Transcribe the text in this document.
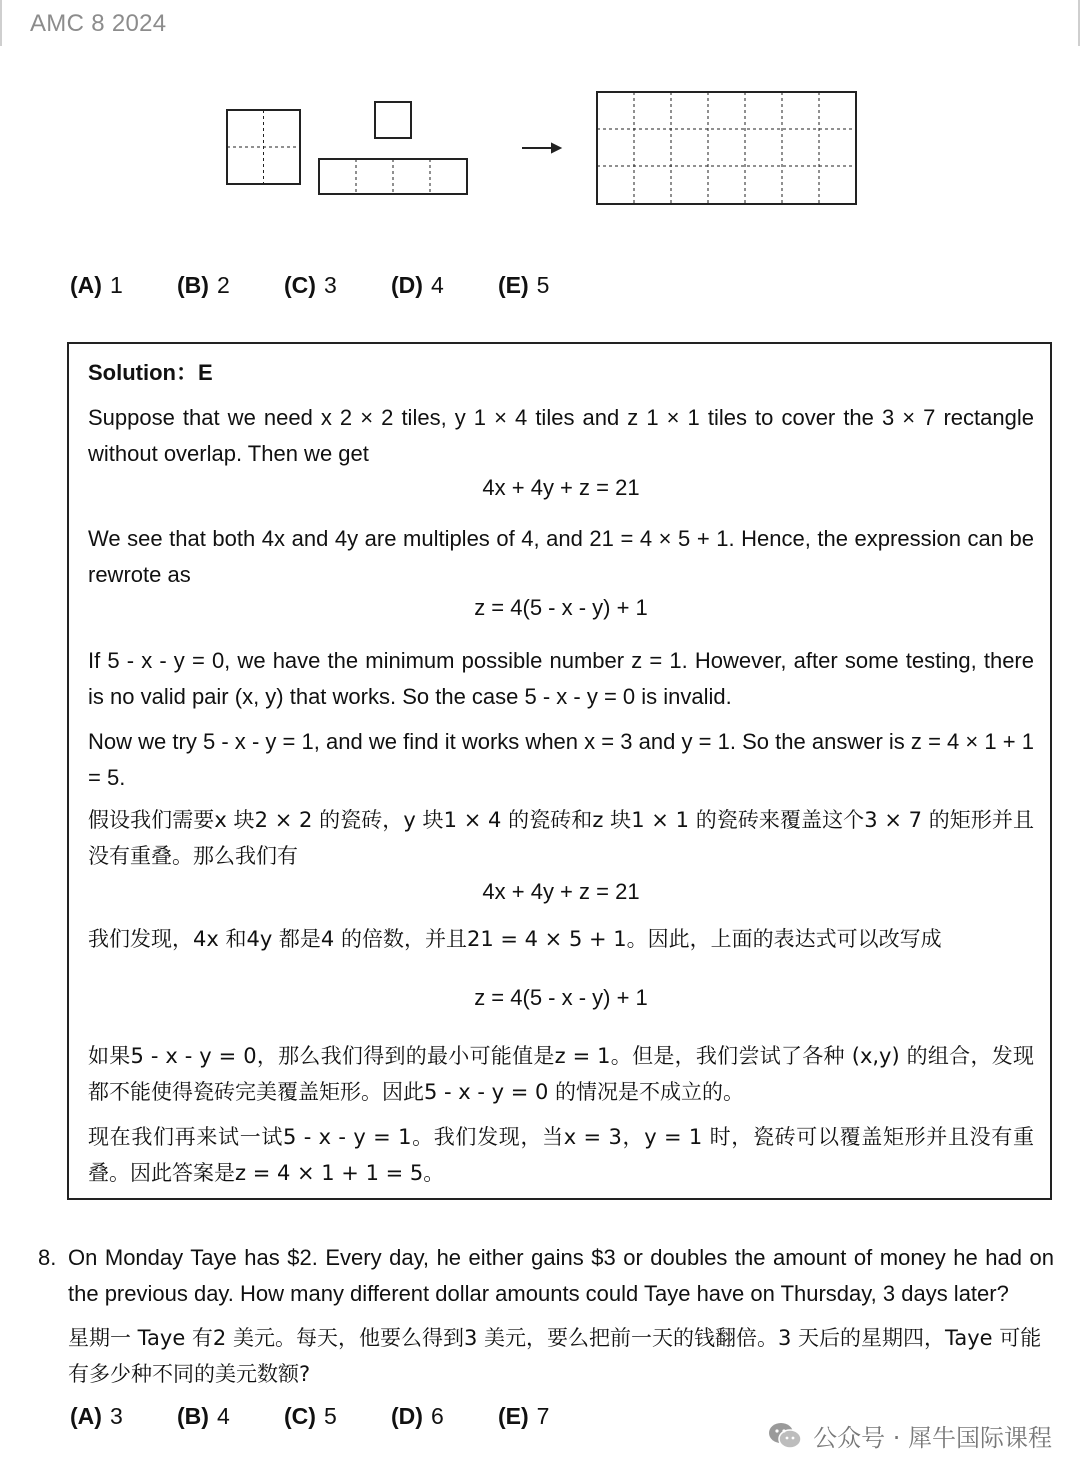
AMC 8 2024
(A) 1	(B) 2	(C) 3	(D) 4	(E) 5
Solution：E
Suppose that we need x 2 × 2 tiles, y 1 × 4 tiles and z 1 × 1 tiles to cover the 3 × 7 rectangle without overlap. Then we get
4x + 4y + z = 21
We see that both 4x and 4y are multiples of 4, and 21 = 4 × 5 + 1. Hence, the expression can be rewrote as
z = 4(5 - x - y) + 1
If 5 - x - y = 0, we have the minimum possible number z = 1. However, after some testing, there is no valid pair (x, y) that works. So the case 5 - x - y = 0 is invalid.
Now we try 5 - x - y = 1, and we find it works when x = 3 and y = 1. So the answer is z = 4 × 1 + 1 = 5.
假设我们需要x 块2 × 2 的瓷砖，y 块1 × 4 的瓷砖和z 块1 × 1 的瓷砖来覆盖这个3 × 7 的矩形并且没有重叠。那么我们有
4x + 4y + z = 21
我们发现，4x 和4y 都是4 的倍数，并且21 = 4 × 5 + 1。因此，上面的表达式可以改写成
z = 4(5 - x - y) + 1
如果5 - x - y = 0，那么我们得到的最小可能值是z = 1。但是，我们尝试了各种 (x,y) 的组合，发现都不能使得瓷砖完美覆盖矩形。因此5 - x - y = 0 的情况是不成立的。
现在我们再来试一试5 - x - y = 1。我们发现，当x = 3，y = 1 时，瓷砖可以覆盖矩形并且没有重叠。因此答案是z = 4 × 1 + 1 = 5。
8. On Monday Taye has $2. Every day, he either gains $3 or doubles the amount of money he had on the previous day. How many different dollar amounts could Taye have on Thursday, 3 days later?
星期一 Taye 有2 美元。每天，他要么得到3 美元，要么把前一天的钱翻倍。3 天后的星期四，Taye 可能有多少种不同的美元数额?
(A) 3	(B) 4	(C) 5	(D) 6	(E) 7
公众号 · 犀牛国际课程
